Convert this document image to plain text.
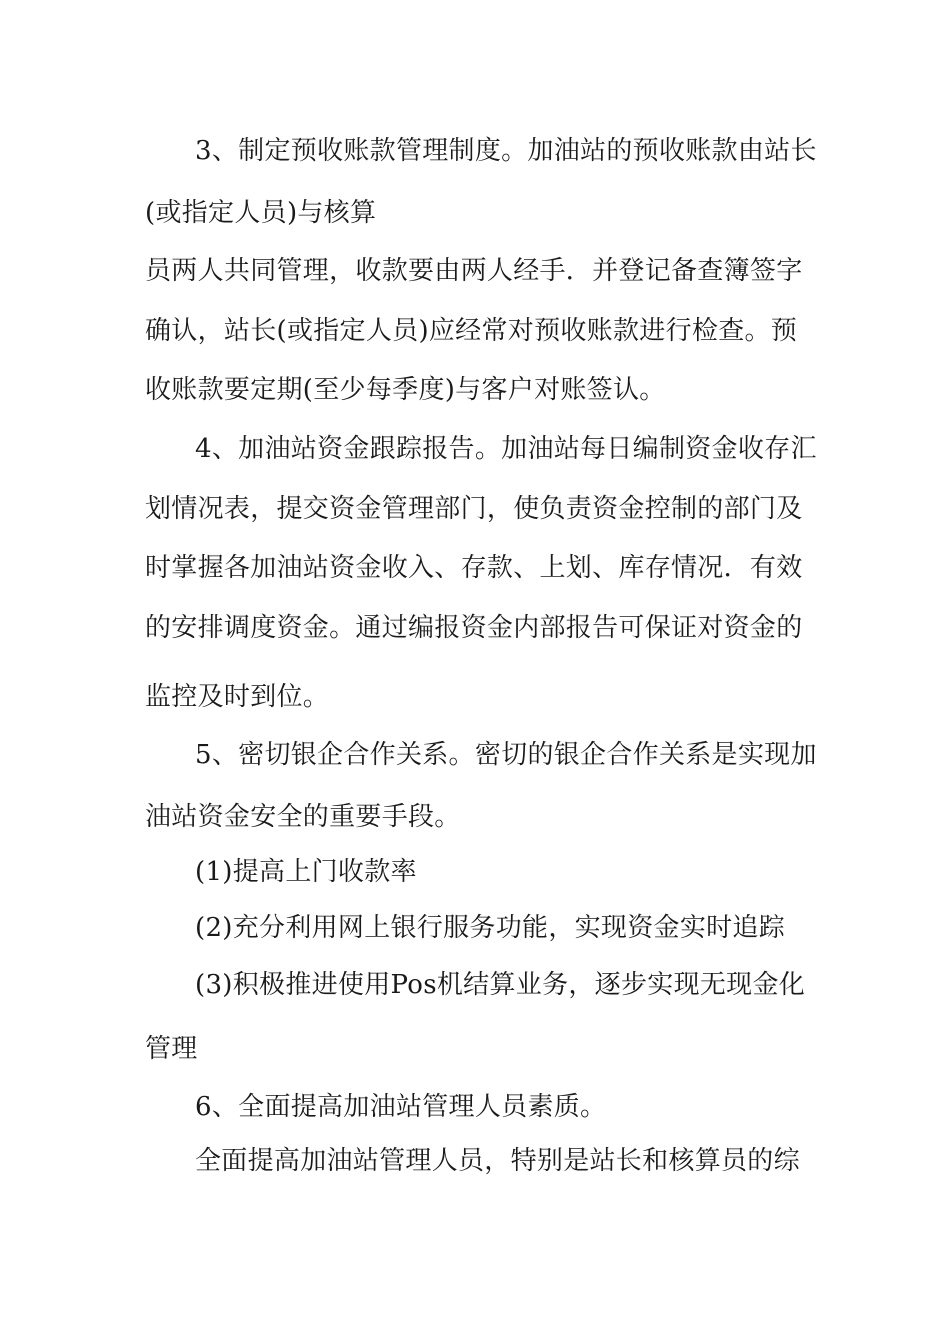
3、制定预收账款管理制度。加油站的预收账款由站长
(或指定人员)与核算
员两人共同管理，收款要由两人经手．并登记备查簿签字
确认，站长(或指定人员)应经常对预收账款进行检查。预
收账款要定期(至少每季度)与客户对账签认。
4、加油站资金跟踪报告。加油站每日编制资金收存汇
划情况表，提交资金管理部门，使负责资金控制的部门及
时掌握各加油站资金收入、存款、上划、库存情况．有效
的安排调度资金。通过编报资金内部报告可保证对资金的
监控及时到位。
5、密切银企合作关系。密切的银企合作关系是实现加
油站资金安全的重要手段。
(1)提高上门收款率
(2)充分利用网上银行服务功能，实现资金实时追踪
(3)积极推进使用Pos机结算业务，逐步实现无现金化
管理
6、全面提高加油站管理人员素质。
全面提高加油站管理人员，特别是站长和核算员的综
